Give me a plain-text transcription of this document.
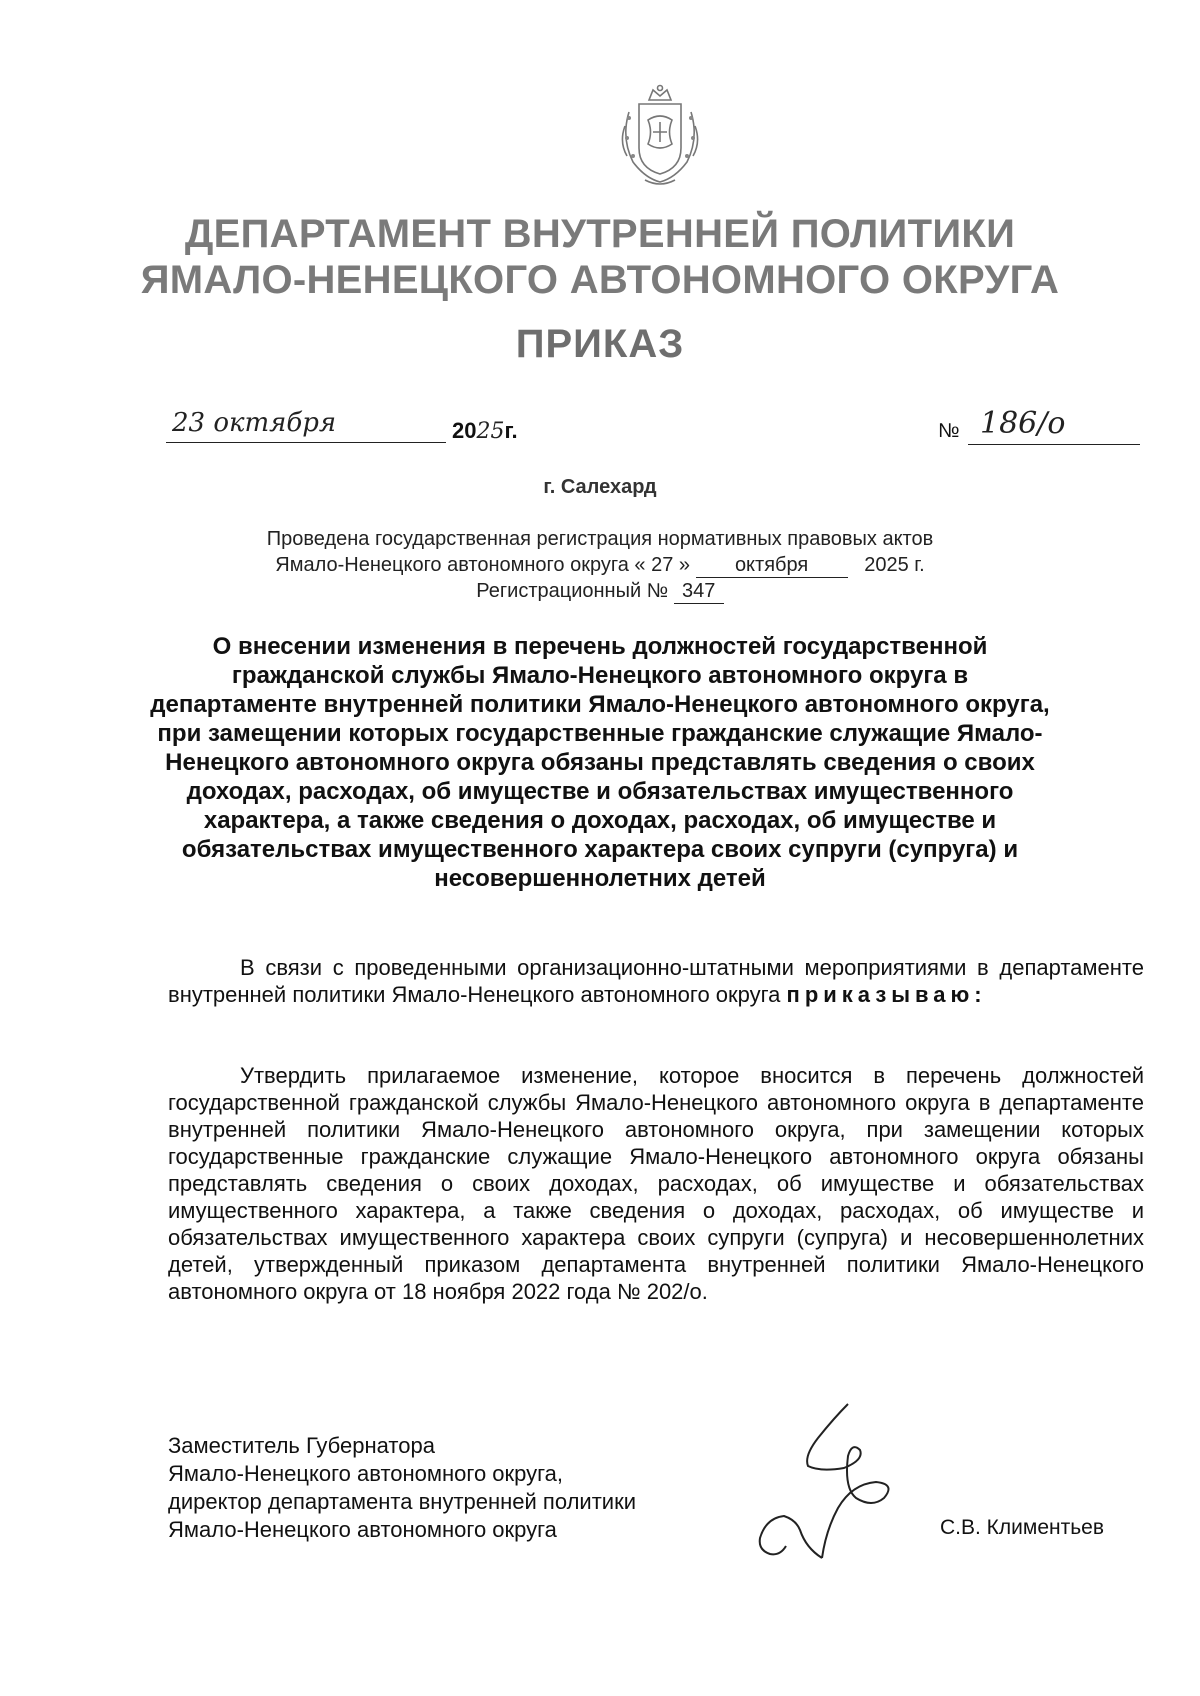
ДЕПАРТАМЕНТ ВНУТРЕННЕЙ ПОЛИТИКИ
ЯМАЛО-НЕНЕЦКОГО АВТОНОМНОГО ОКРУГА
ПРИКАЗ
23 октября	2025г.	№ 186/о
г. Салехард
Проведена государственная регистрация нормативных правовых актов
Ямало-Ненецкого автономного округа « 27 » октября	2025 г.
Регистрационный № 347
О внесении изменения в перечень должностей государственной гражданской службы Ямало-Ненецкого автономного округа в департаменте внутренней политики Ямало-Ненецкого автономного округа, при замещении которых государственные гражданские служащие Ямало-Ненецкого автономного округа обязаны представлять сведения о своих доходах, расходах, об имуществе и обязательствах имущественного характера, а также сведения о доходах, расходах, об имуществе и обязательствах имущественного характера своих супруги (супруга) и несовершеннолетних детей
В связи с проведенными организационно-штатными мероприятиями в департаменте внутренней политики Ямало-Ненецкого автономного округа приказываю:
Утвердить прилагаемое изменение, которое вносится в перечень должностей государственной гражданской службы Ямало-Ненецкого автономного округа в департаменте внутренней политики Ямало-Ненецкого автономного округа, при замещении которых государственные гражданские служащие Ямало-Ненецкого автономного округа обязаны представлять сведения о своих доходах, расходах, об имуществе и обязательствах имущественного характера, а также сведения о доходах, расходах, об имуществе и обязательствах имущественного характера своих супруги (супруга) и несовершеннолетних детей, утвержденный приказом департамента внутренней политики Ямало-Ненецкого автономного округа от 18 ноября 2022 года № 202/о.
Заместитель Губернатора
Ямало-Ненецкого автономного округа,
директор департамента внутренней политики
Ямало-Ненецкого автономного округа	С.В. Климентьев
